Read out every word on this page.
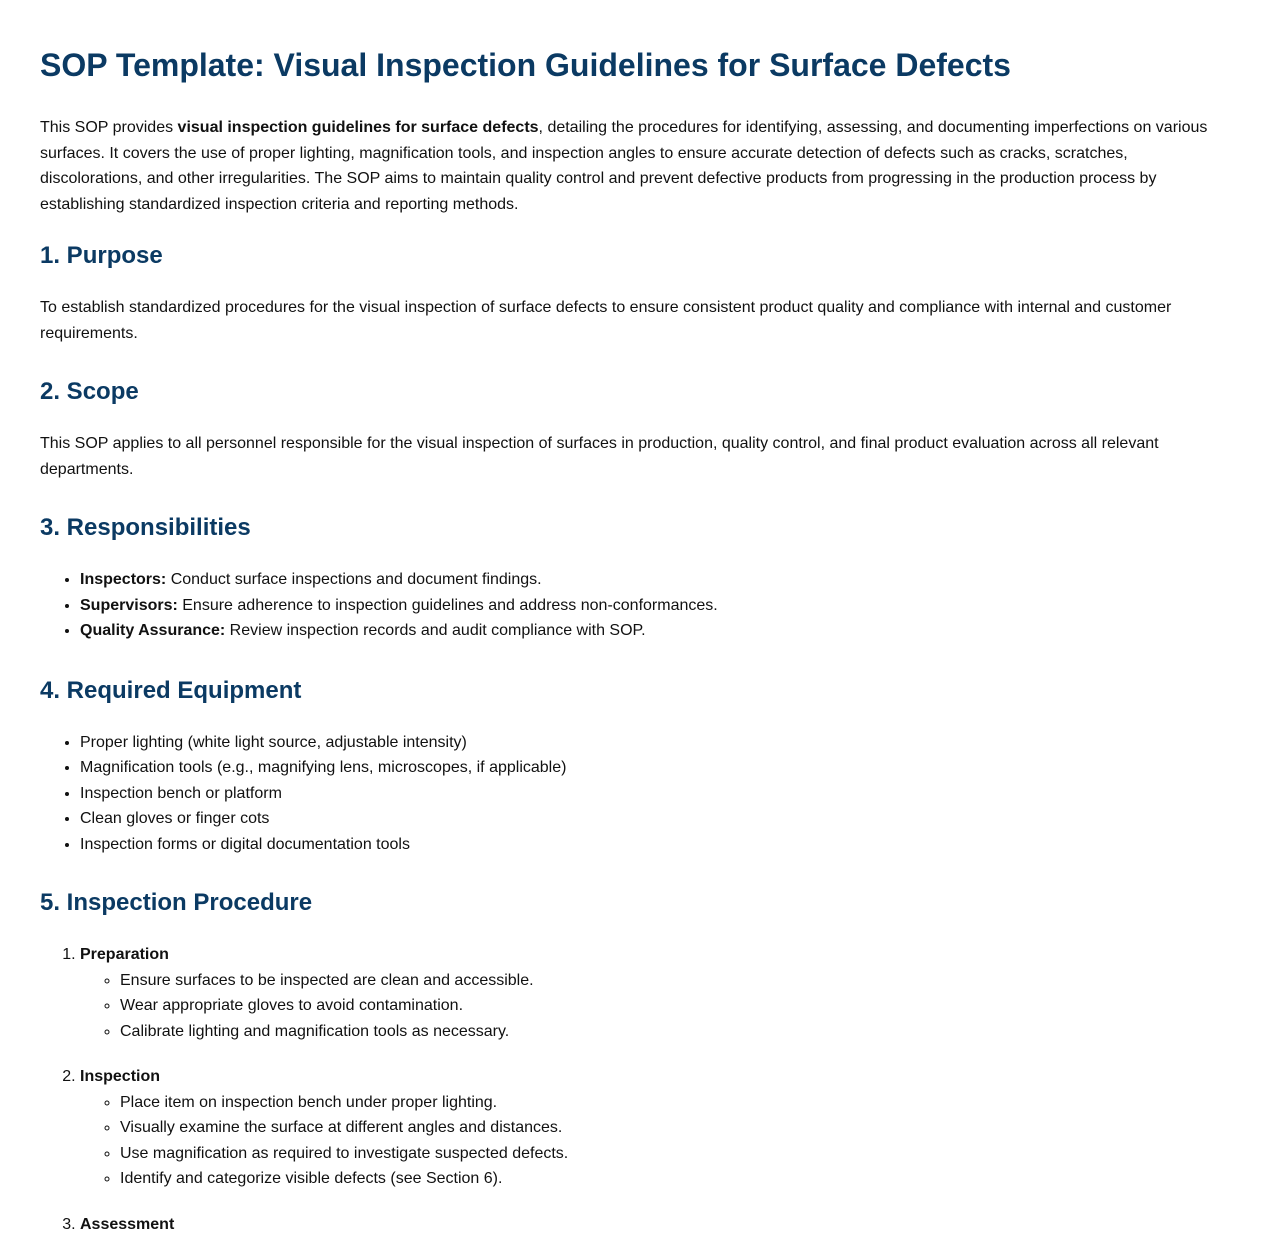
SOP Template: Visual Inspection Guidelines for Surface Defects

This SOP provides visual inspection guidelines for surface defects, detailing the procedures for identifying, assessing, and documenting imperfections on various surfaces. It covers the use of proper lighting, magnification tools, and inspection angles to ensure accurate detection of defects such as cracks, scratches, discolorations, and other irregularities. The SOP aims to maintain quality control and prevent defective products from progressing in the production process by establishing standardized inspection criteria and reporting methods.

1. Purpose

To establish standardized procedures for the visual inspection of surface defects to ensure consistent product quality and compliance with internal and customer requirements.

2. Scope

This SOP applies to all personnel responsible for the visual inspection of surfaces in production, quality control, and final product evaluation across all relevant departments.

3. Responsibilities
• Inspectors: Conduct surface inspections and document findings.
• Supervisors: Ensure adherence to inspection guidelines and address non-conformances.
• Quality Assurance: Review inspection records and audit compliance with SOP.
4. Required Equipment
• Proper lighting (white light source, adjustable intensity)
• Magnification tools (e.g., magnifying lens, microscopes, if applicable)
• Inspection bench or platform
• Clean gloves or finger cots
• Inspection forms or digital documentation tools
5. Inspection Procedure
1. Preparation
◦ Ensure surfaces to be inspected are clean and accessible.
◦ Wear appropriate gloves to avoid contamination.
◦ Calibrate lighting and magnification tools as necessary.
2. Inspection
◦ Place item on inspection bench under proper lighting.
◦ Visually examine the surface at different angles and distances.
◦ Use magnification as required to investigate suspected defects.
◦ Identify and categorize visible defects (see Section 6).
3. Assessment
